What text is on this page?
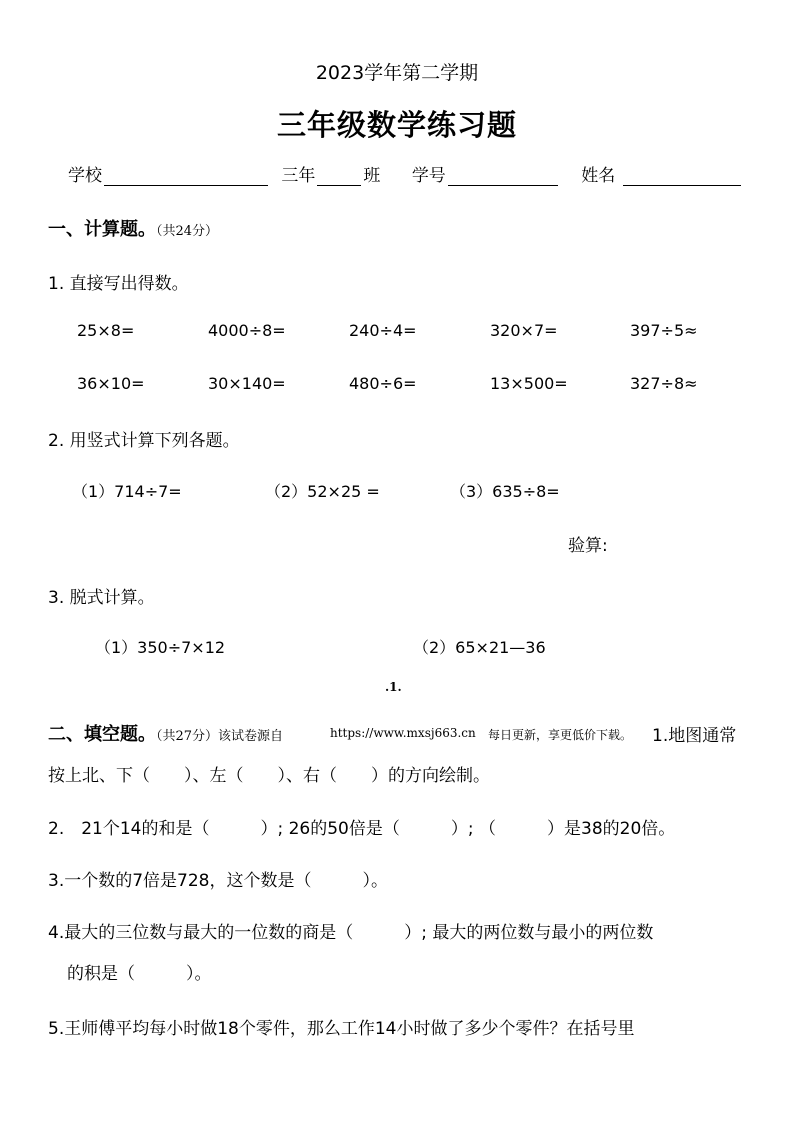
2023学年第二学期
三年级数学练习题
学校	三年	班 学号	姓名
一、计算题。（共24分）
1. 直接写出得数。
25×8=	4000÷8=	240÷4=	320×7=	397÷5≈
36×10=	30×140=	480÷6=	13×500=	327÷8≈
2. 用竖式计算下列各题。
（1）714÷7=	（2）52×25 =	（3）635÷8=
验算:
3. 脱式计算。
（1）350÷7×12	（2）65×21—36
.1.
二、填空题。（共27分）该试卷源自	https://www.mxsj663.cn 每日更新，享更低价下载。 1.地图通常
按上北、下（　　）、左（　　）、右（　　）的方向绘制。
2.　21个14的和是（　　　）; 26的50倍是（　　　）; （　　　）是38的20倍。
3.一个数的7倍是728，这个数是（　　　）。
4.最大的三位数与最大的一位数的商是（　　　）; 最大的两位数与最小的两位数
的积是（　　　）。
5.王师傅平均每小时做18个零件，那么工作14小时做了多少个零件？在括号里
